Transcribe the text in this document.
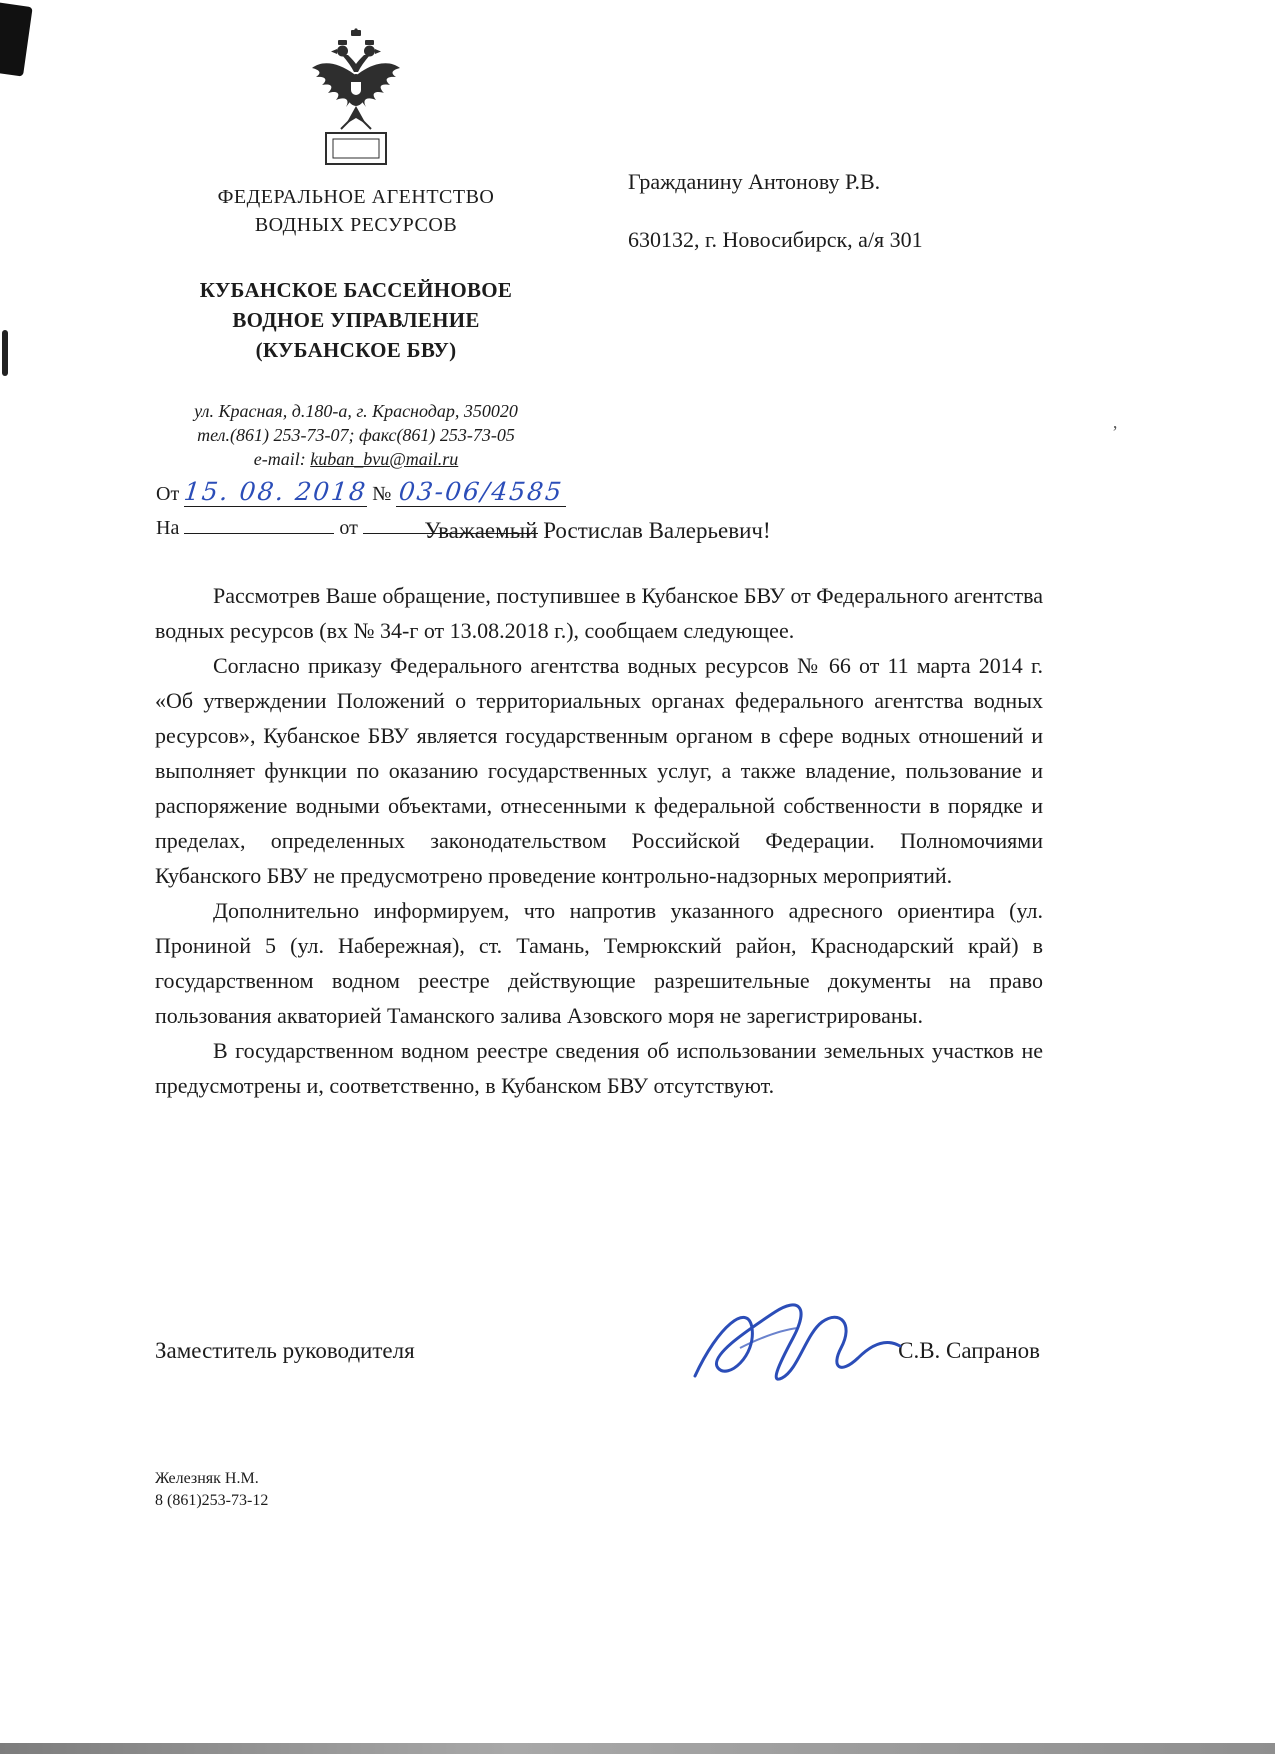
’
ФЕДЕРАЛЬНОЕ АГЕНТСТВО
ВОДНЫХ РЕСУРСОВ
КУБАНСКОЕ БАССЕЙНОВОЕ
ВОДНОЕ УПРАВЛЕНИЕ
(КУБАНСКОЕ БВУ)
ул. Красная, д.180-а, г. Краснодар, 350020
тел.(861) 253-73-07; факс(861) 253-73-05
e-mail: kuban_bvu@mail.ru
От 15. 08. 2018 № 03-06/4585
На	от
Гражданину Антонову Р.В.
630132, г. Новосибирск, а/я 301
Уважаемый Ростислав Валерьевич!

Рассмотрев Ваше обращение, поступившее в Кубанское БВУ от Федерального агентства водных ресурсов (вх № 34-г от 13.08.2018 г.), сообщаем следующее.

Согласно приказу Федерального агентства водных ресурсов № 66 от 11 марта 2014 г. «Об утверждении Положений о территориальных органах федерального агентства водных ресурсов», Кубанское БВУ является государственным органом в сфере водных отношений и выполняет функции по оказанию государственных услуг, а также владение, пользование и распоряжение водными объектами, отнесенными к федеральной собственности в порядке и пределах, определенных законодательством Российской Федерации. Полномочиями Кубанского БВУ не предусмотрено проведение контрольно-надзорных мероприятий.

Дополнительно информируем, что напротив указанного адресного ориентира (ул. Прониной 5 (ул. Набережная), ст. Тамань, Темрюкский район, Краснодарский край) в государственном водном реестре действующие разрешительные документы на право пользования акваторией Таманского залива Азовского моря не зарегистрированы.

В государственном водном реестре сведения об использовании земельных участков не предусмотрены и, соответственно, в Кубанском БВУ отсутствуют.

Заместитель руководителя	С.В. Сапранов
Железняк Н.М.
8 (861)253-73-12
